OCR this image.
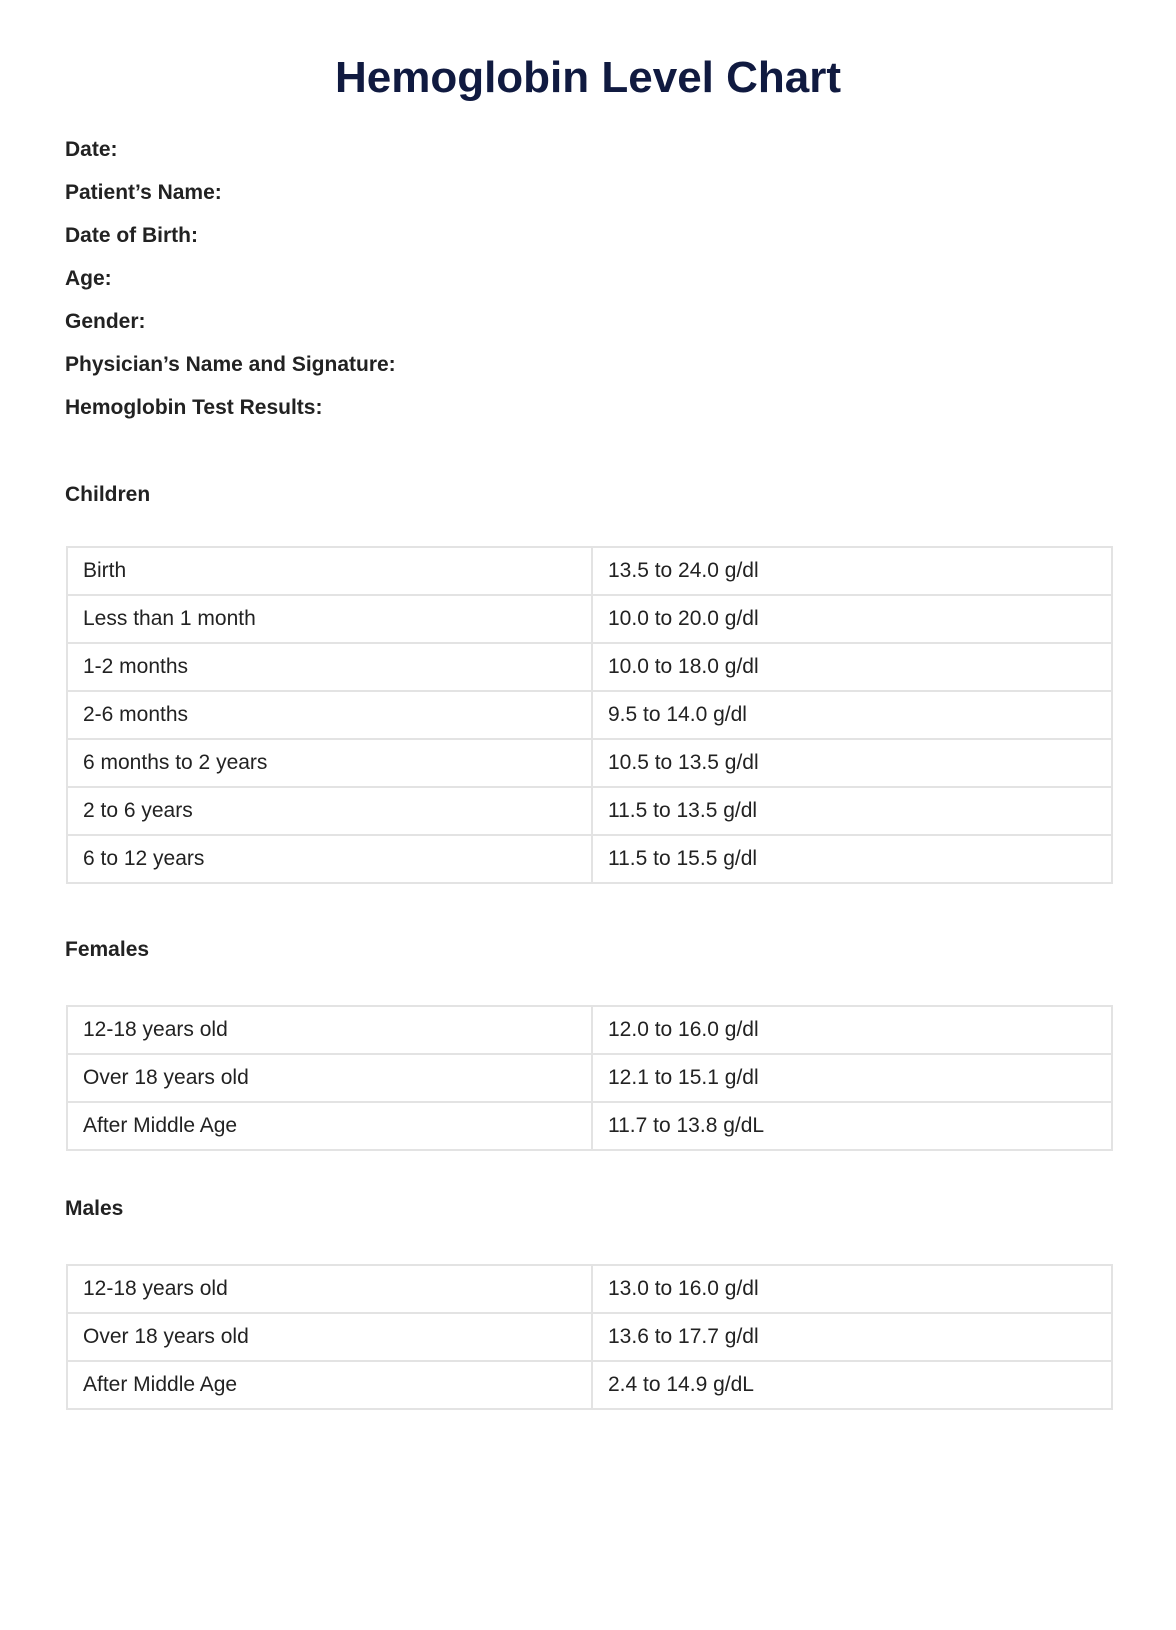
Hemoglobin Level Chart
Date:
Patient’s Name:
Date of Birth:
Age:
Gender:
Physician’s Name and Signature:
Hemoglobin Test Results:
Children
Birth	13.5 to 24.0 g/dl
Less than 1 month	10.0 to 20.0 g/dl
1-2 months	10.0 to 18.0 g/dl
2-6 months	9.5 to 14.0 g/dl
6 months to 2 years	10.5 to 13.5 g/dl
2 to 6 years	11.5 to 13.5 g/dl
6 to 12 years	11.5 to 15.5 g/dl
Females
12-18 years old	12.0 to 16.0 g/dl
Over 18 years old	12.1 to 15.1 g/dl
After Middle Age	11.7 to 13.8 g/dL
Males
12-18 years old	13.0 to 16.0 g/dl
Over 18 years old	13.6 to 17.7 g/dl
After Middle Age	2.4 to 14.9 g/dL
